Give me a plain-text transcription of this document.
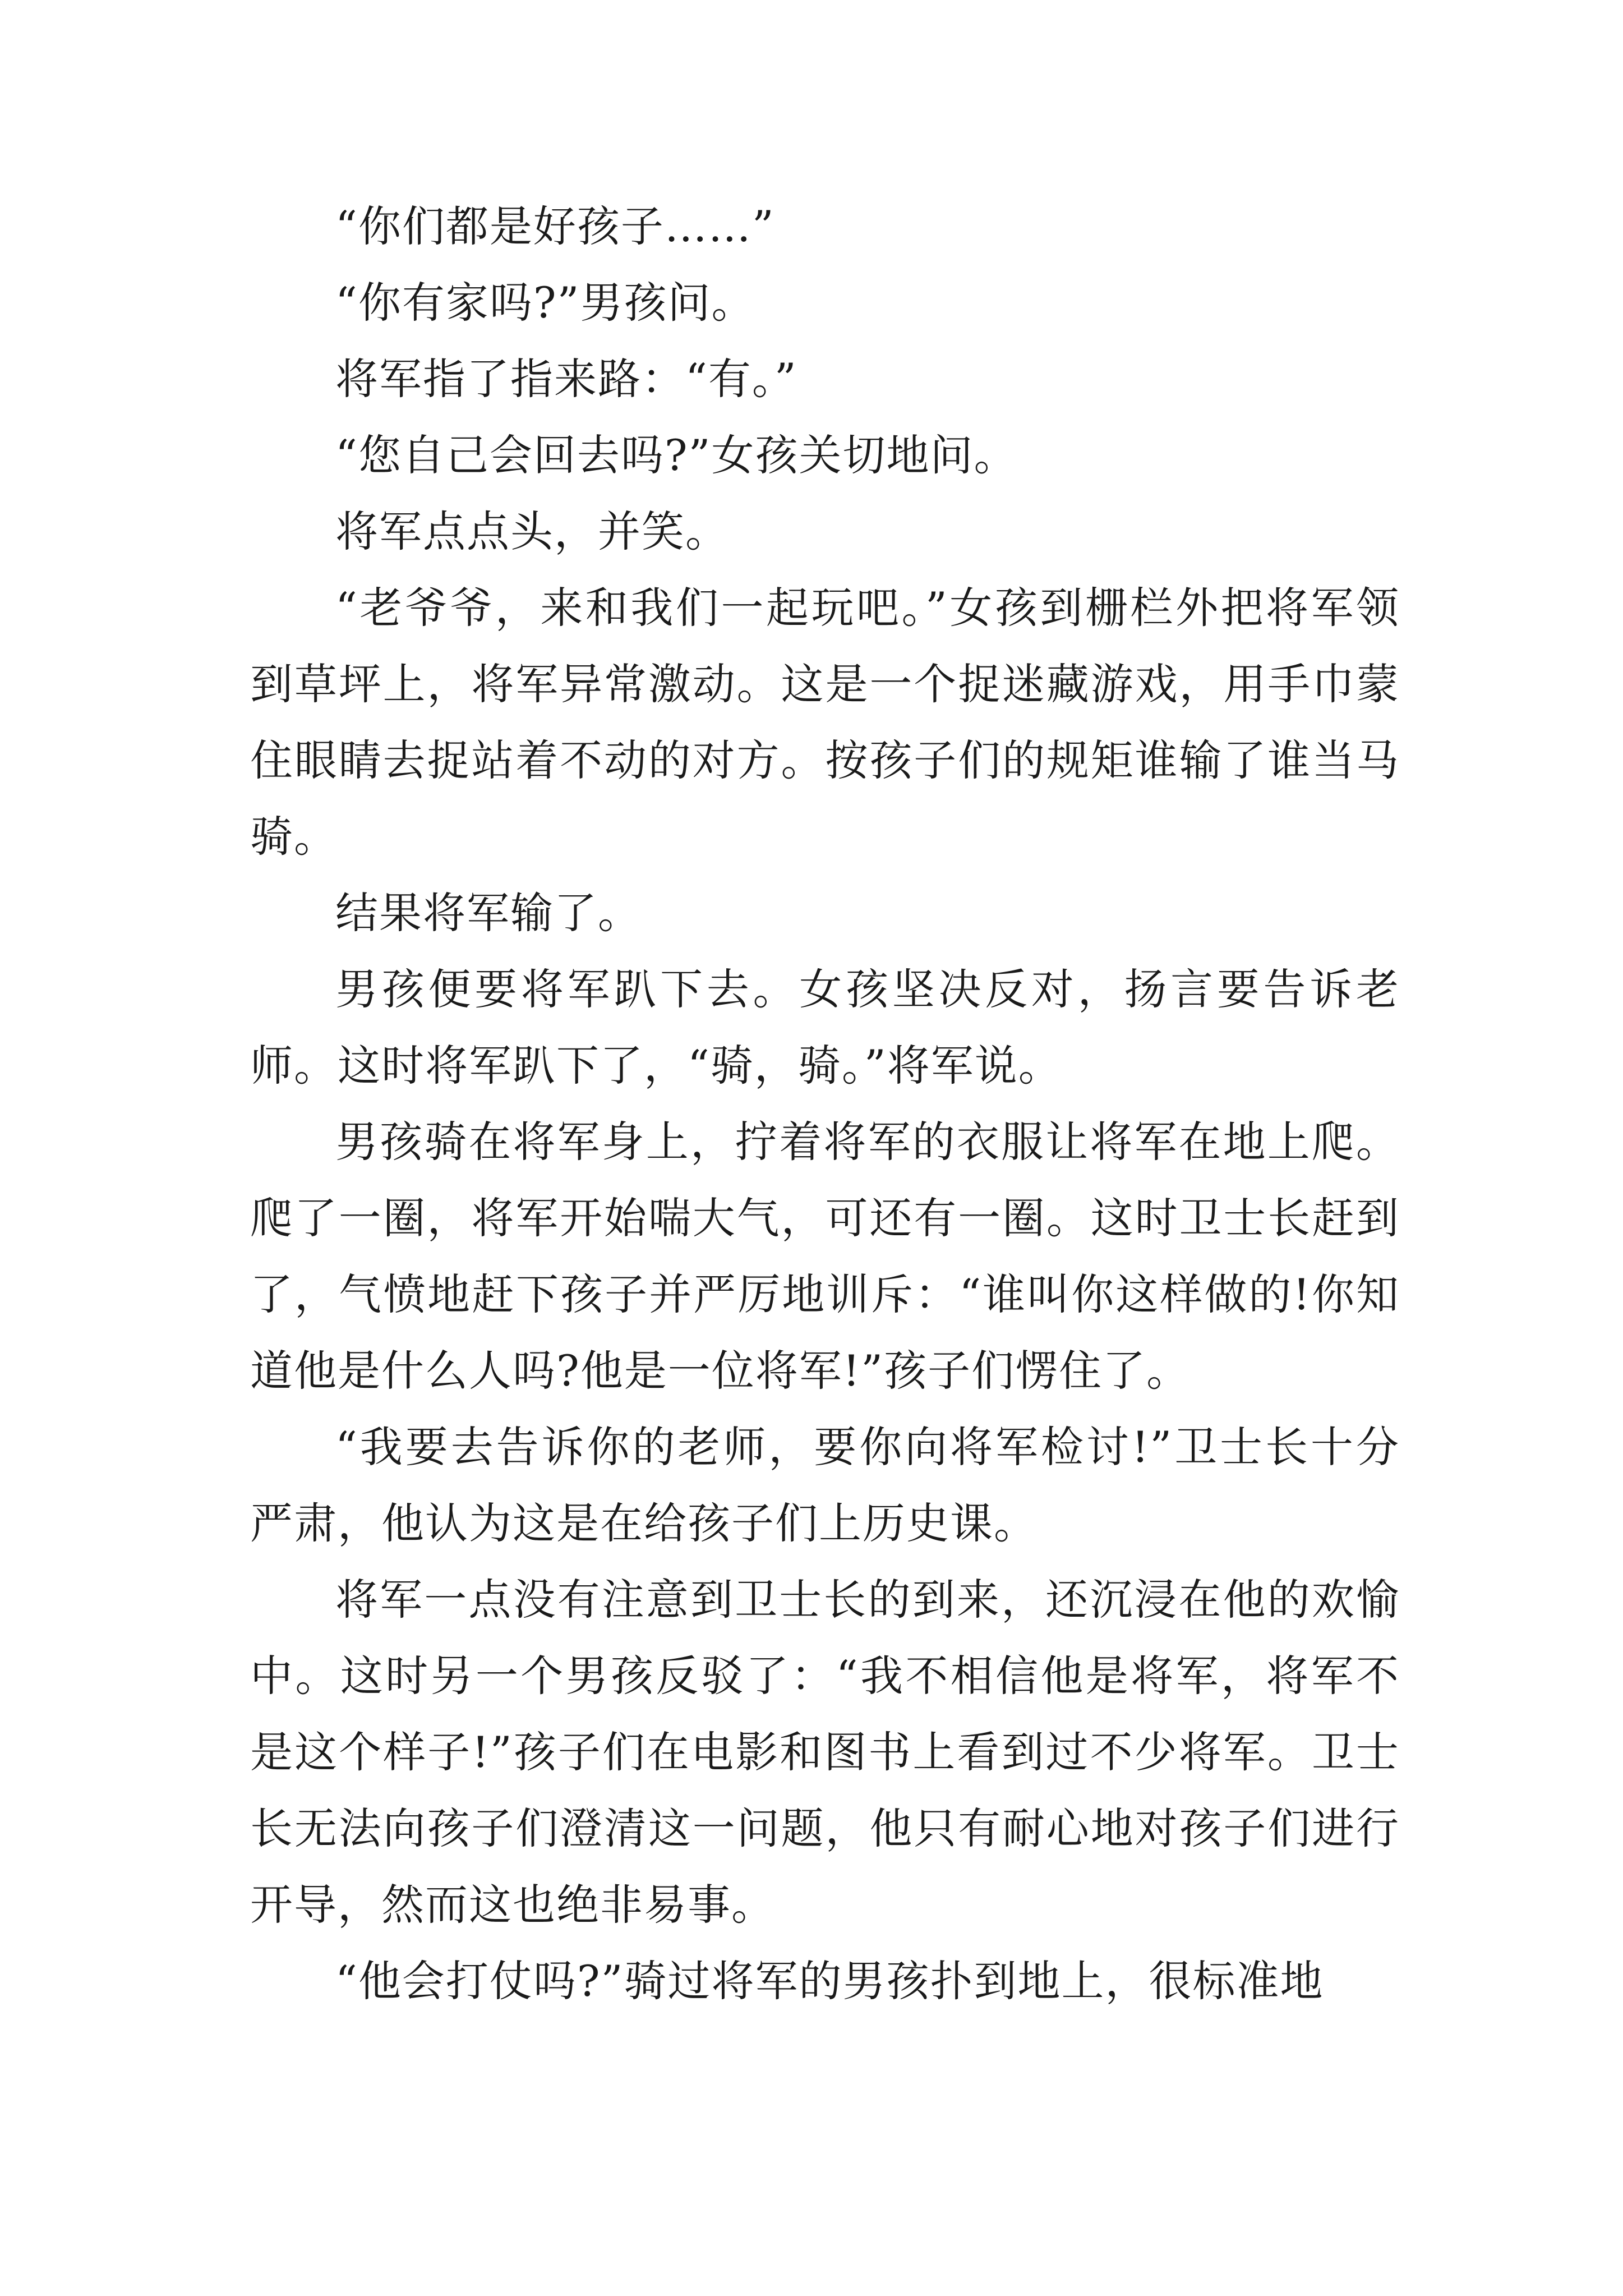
“你们都是好孩子……”

“你有家吗?”男孩问。

将军指了指来路：“有。”

“您自己会回去吗?”女孩关切地问。

将军点点头，并笑。

“老爷爷，来和我们一起玩吧。”女孩到栅栏外把将军领到草坪上，将军异常激动。这是一个捉迷藏游戏，用手巾蒙住眼睛去捉站着不动的对方。按孩子们的规矩谁输了谁当马骑。

结果将军输了。

男孩便要将军趴下去。女孩坚决反对，扬言要告诉老师。这时将军趴下了，“骑，骑。”将军说。

男孩骑在将军身上，拧着将军的衣服让将军在地上爬。爬了一圈，将军开始喘大气，可还有一圈。这时卫士长赶到了，气愤地赶下孩子并严厉地训斥：“谁叫你这样做的!你知道他是什么人吗?他是一位将军!”孩子们愣住了。

“我要去告诉你的老师，要你向将军检讨!”卫士长十分严肃，他认为这是在给孩子们上历史课。

将军一点没有注意到卫士长的到来，还沉浸在他的欢愉中。这时另一个男孩反驳了：“我不相信他是将军，将军不是这个样子!”孩子们在电影和图书上看到过不少将军。卫士长无法向孩子们澄清这一问题，他只有耐心地对孩子们进行开导，然而这也绝非易事。

“他会打仗吗?”骑过将军的男孩扑到地上，很标准地
